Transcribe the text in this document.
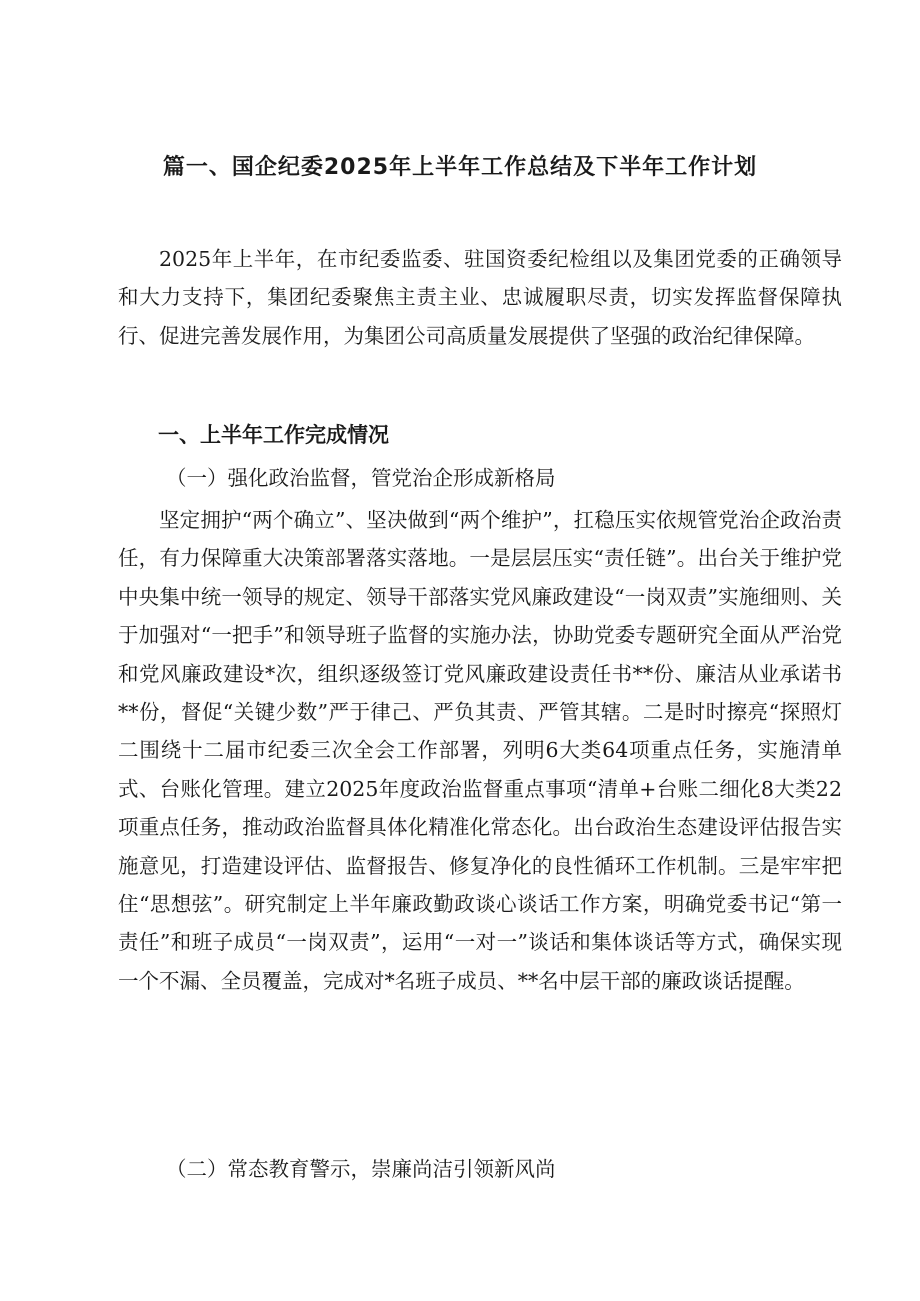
篇一、国企纪委2025年上半年工作总结及下半年工作计划

2025年上半年，在市纪委监委、驻国资委纪检组以及集团党委的正确领导和大力支持下，集团纪委聚焦主责主业、忠诚履职尽责，切实发挥监督保障执行、促进完善发展作用，为集团公司高质量发展提供了坚强的政治纪律保障。

一、上半年工作完成情况
（一）强化政治监督，管党治企形成新格局

坚定拥护“两个确立”、坚决做到“两个维护”，扛稳压实依规管党治企政治责任，有力保障重大决策部署落实落地。一是层层压实“责任链”。出台关于维护党中央集中统一领导的规定、领导干部落实党风廉政建设“一岗双责”实施细则、关于加强对“一把手”和领导班子监督的实施办法，协助党委专题研究全面从严治党和党风廉政建设*次，组织逐级签订党风廉政建设责任书**份、廉洁从业承诺书**份，督促“关键少数”严于律己、严负其责、严管其辖。二是时时擦亮“探照灯二围绕十二届市纪委三次全会工作部署，列明6大类64项重点任务，实施清单式、台账化管理。建立2025年度政治监督重点事项“清单+台账二细化8大类22项重点任务，推动政治监督具体化精准化常态化。出台政治生态建设评估报告实施意见，打造建设评估、监督报告、修复净化的良性循环工作机制。三是牢牢把住“思想弦”。研究制定上半年廉政勤政谈心谈话工作方案，明确党委书记“第一责任”和班子成员“一岗双责”，运用“一对一”谈话和集体谈话等方式，确保实现一个不漏、全员覆盖，完成对*名班子成员、**名中层干部的廉政谈话提醒。

（二）常态教育警示，崇廉尚洁引领新风尚
